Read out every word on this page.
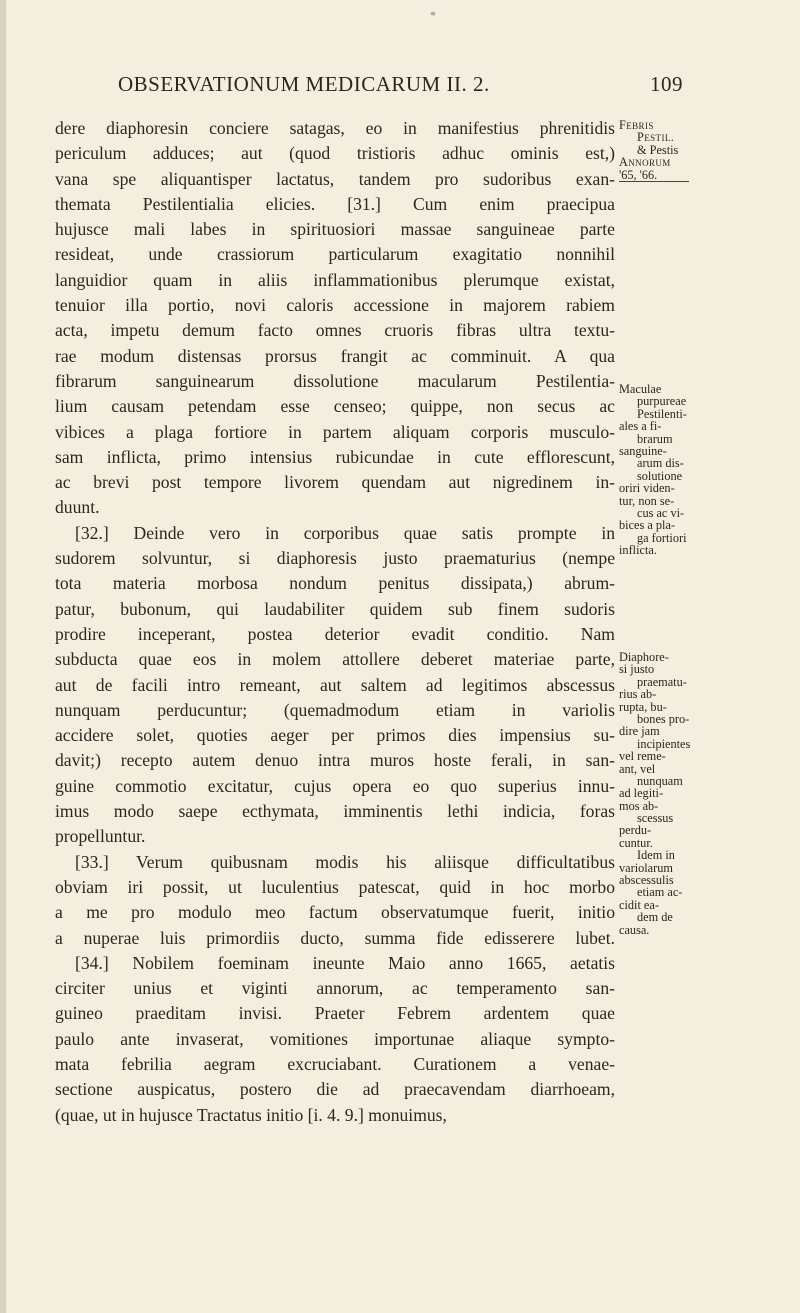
*
OBSERVATIONUM MEDICARUM II. 2.	109
dere diaphoresin conciere satagas, eo in manifestius phrenitidis
periculum adduces; aut (quod tristioris adhuc ominis est,)
vana spe aliquantisper lactatus, tandem pro sudoribus exan-
themata Pestilentialia elicies. [31.] Cum enim praecipua
hujusce mali labes in spirituosiori massae sanguineae parte
resideat, unde crassiorum particularum exagitatio nonnihil
languidior quam in aliis inflammationibus plerumque existat,
tenuior illa portio, novi caloris accessione in majorem rabiem
acta, impetu demum facto omnes cruoris fibras ultra textu-
rae modum distensas prorsus frangit ac comminuit. A qua
fibrarum sanguinearum dissolutione macularum Pestilentia-
lium causam petendam esse censeo; quippe, non secus ac
vibices a plaga fortiore in partem aliquam corporis musculo-
sam inflicta, primo intensius rubicundae in cute efflorescunt,
ac brevi post tempore livorem quendam aut nigredinem in-
duunt.
[32.] Deinde vero in corporibus quae satis prompte in
sudorem solvuntur, si diaphoresis justo praematurius (nempe
tota materia morbosa nondum penitus dissipata,) abrum-
patur, bubonum, qui laudabiliter quidem sub finem sudoris
prodire inceperant, postea deterior evadit conditio. Nam
subducta quae eos in molem attollere deberet materiae parte,
aut de facili intro remeant, aut saltem ad legitimos abscessus
nunquam perducuntur; (quemadmodum etiam in variolis
accidere solet, quoties aeger per primos dies impensius su-
davit;) recepto autem denuo intra muros hoste ferali, in san-
guine commotio excitatur, cujus opera eo quo superius innu-
imus modo saepe ecthymata, imminentis lethi indicia, foras
propelluntur.
[33.] Verum quibusnam modis his aliisque difficultatibus
obviam iri possit, ut luculentius patescat, quid in hoc morbo
a me pro modulo meo factum observatumque fuerit, initio
a nuperae luis primordiis ducto, summa fide edisserere lubet.
[34.] Nobilem foeminam ineunte Maio anno 1665, aetatis
circiter unius et viginti annorum, ac temperamento san-
guineo praeditam invisi. Praeter Febrem ardentem quae
paulo ante invaserat, vomitiones importunae aliaque sympto-
mata febrilia aegram excruciabant. Curationem a venae-
sectione auspicatus, postero die ad praecavendam diarrhoeam,
(quae, ut in hujusce Tractatus initio [i. 4. 9.] monuimus,
Febris
Pestil.
& Pestis
Annorum
'65, '66.
Maculae
purpureae
Pestilenti-
ales a fi-
brarum
sanguine-
arum dis-
solutione
oriri viden-
tur, non se-
cus ac vi-
bices a pla-
ga fortiori
inflicta.
Diaphore-
si justo
praematu-
rius ab-
rupta, bu-
bones pro-
dire jam
incipientes
vel reme-
ant, vel
nunquam
ad legiti-
mos ab-
scessus
perdu-
cuntur.
Idem in
variolarum
abscessulis
etiam ac-
cidit ea-
dem de
causa.
